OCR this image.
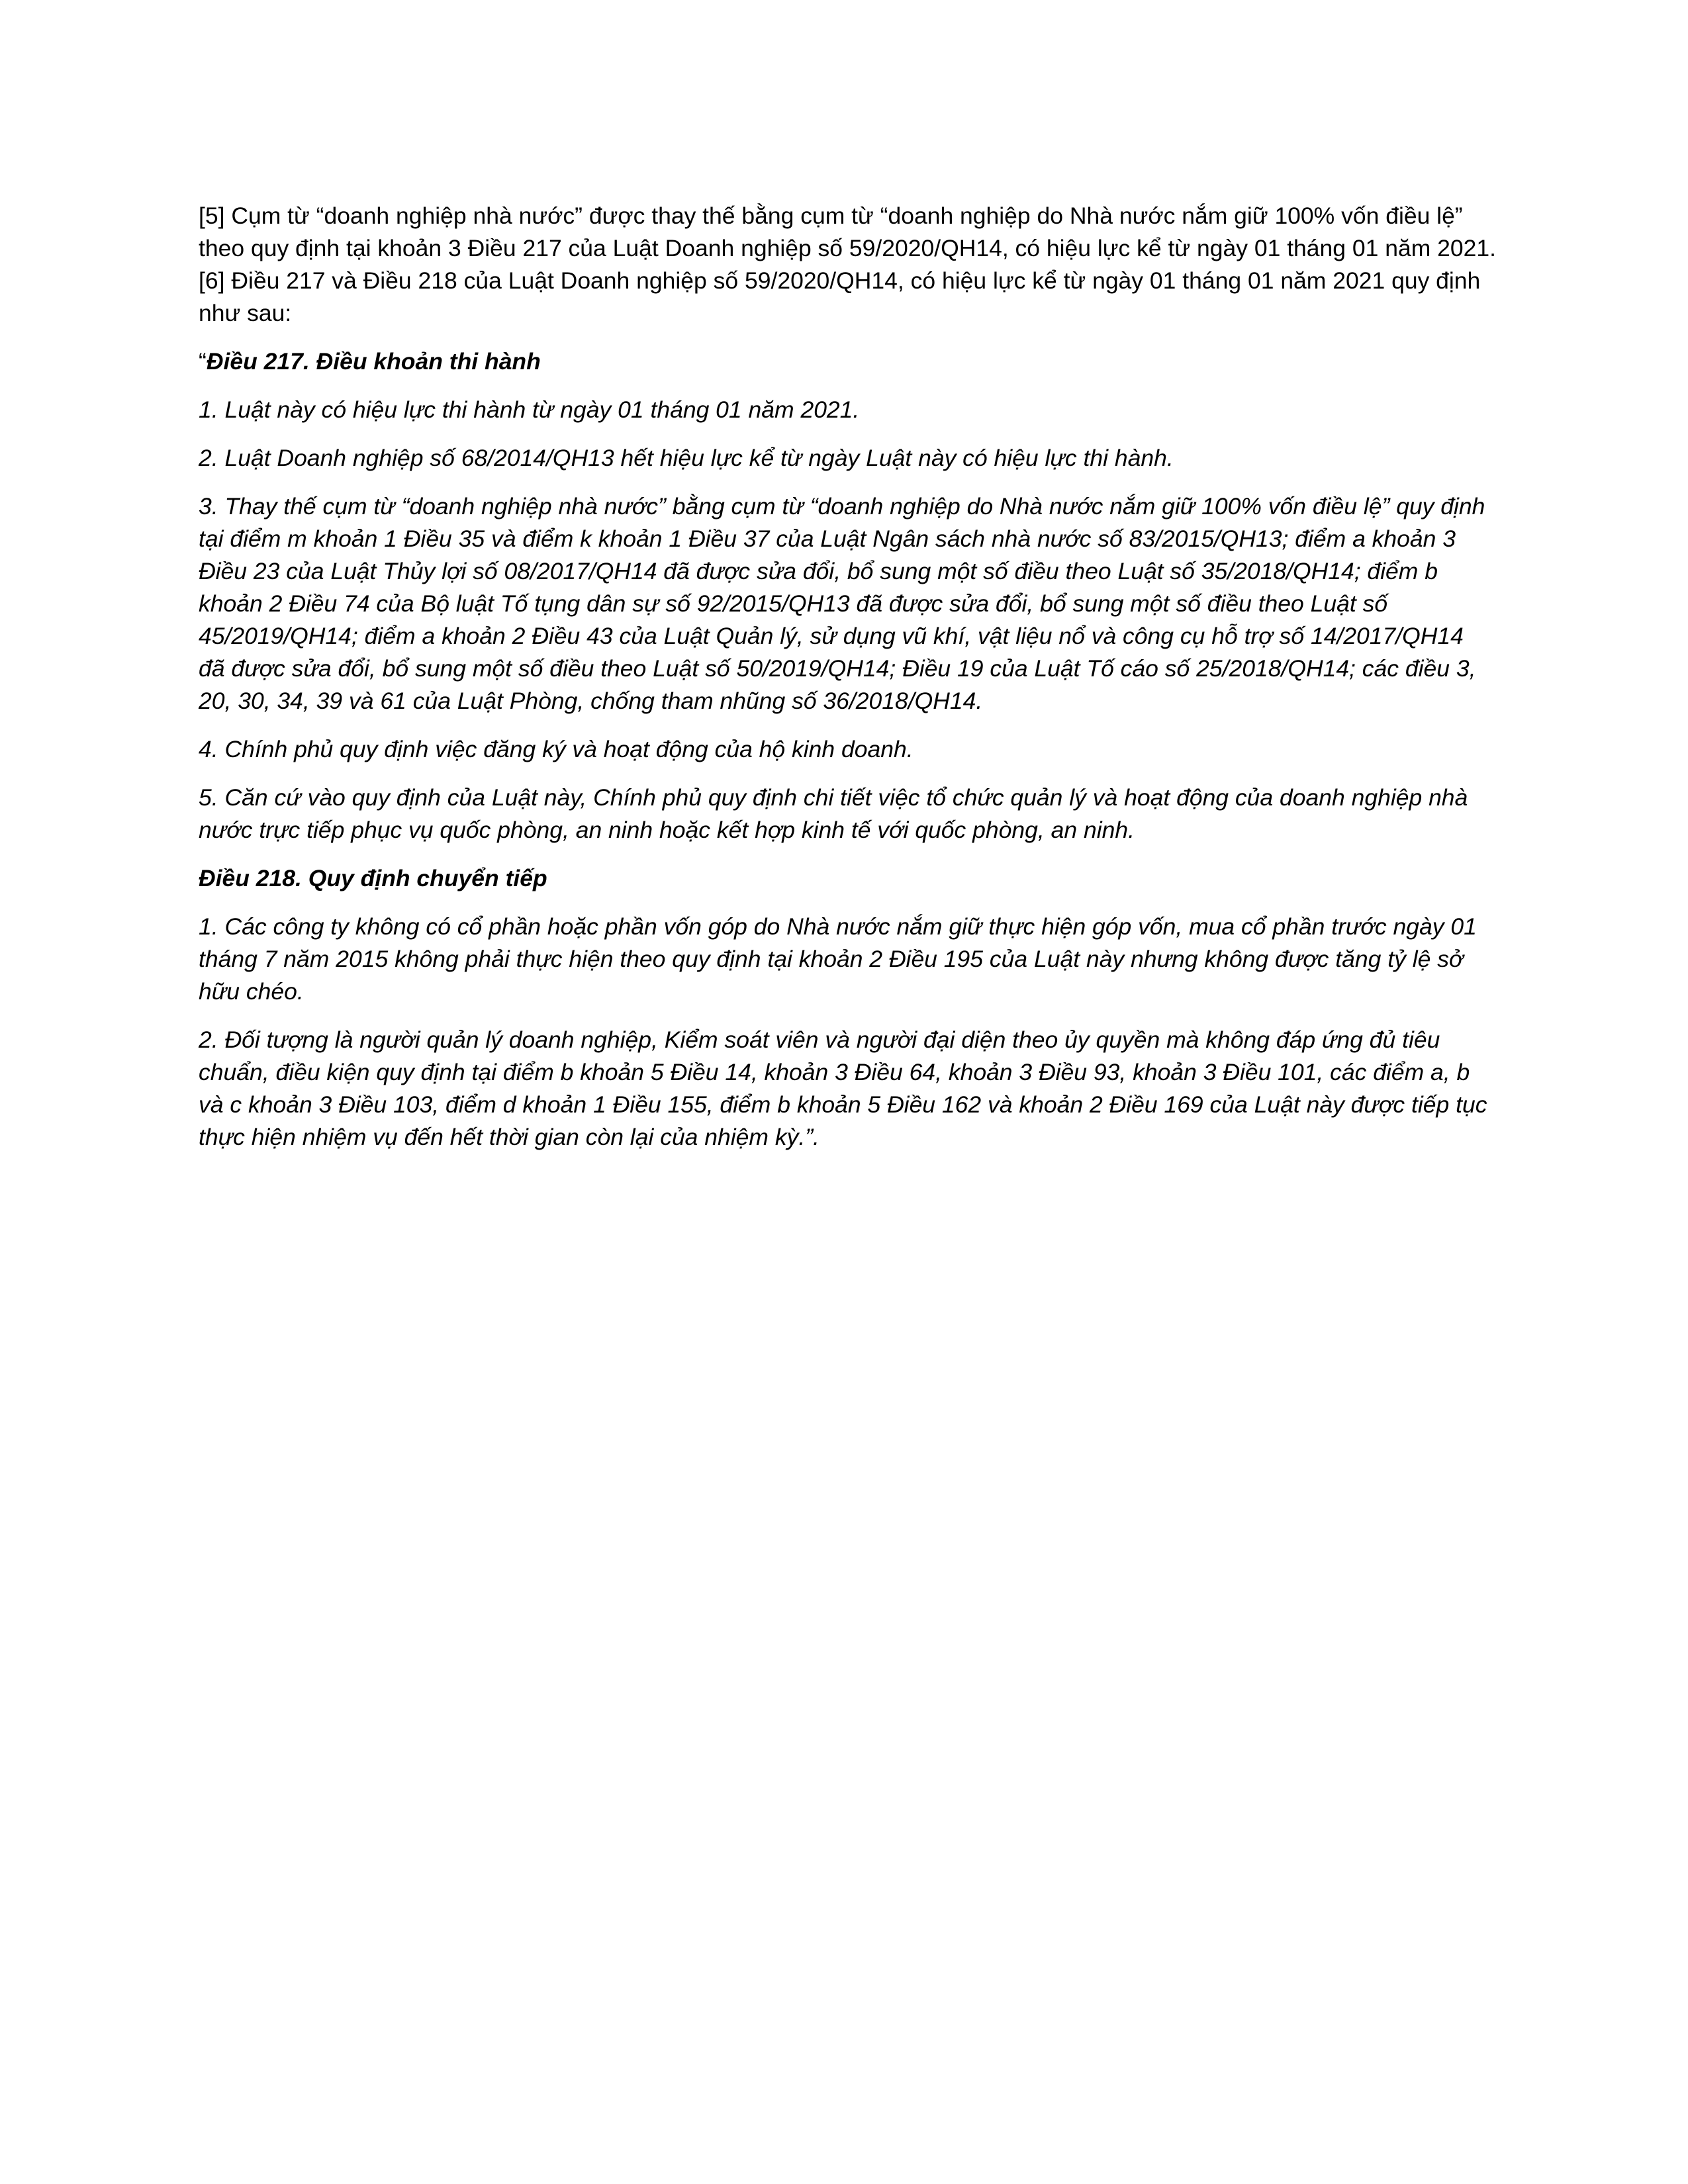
[5] Cụm từ “doanh nghiệp nhà nước” được thay thế bằng cụm từ “doanh nghiệp do Nhà nước nắm giữ 100% vốn điều lệ” theo quy định tại khoản 3 Điều 217 của Luật Doanh nghiệp số 59/2020/QH14, có hiệu lực kể từ ngày 01 tháng 01 năm 2021.

[6] Điều 217 và Điều 218 của Luật Doanh nghiệp số 59/2020/QH14, có hiệu lực kể từ ngày 01 tháng 01 năm 2021 quy định như sau:

“Điều 217. Điều khoản thi hành

1. Luật này có hiệu lực thi hành từ ngày 01 tháng 01 năm 2021.

2. Luật Doanh nghiệp số 68/2014/QH13 hết hiệu lực kể từ ngày Luật này có hiệu lực thi hành.

3. Thay thế cụm từ “doanh nghiệp nhà nước” bằng cụm từ “doanh nghiệp do Nhà nước nắm giữ 100% vốn điều lệ” quy định tại điểm m khoản 1 Điều 35 và điểm k khoản 1 Điều 37 của Luật Ngân sách nhà nước số 83/2015/QH13; điểm a khoản 3 Điều 23 của Luật Thủy lợi số 08/2017/QH14 đã được sửa đổi, bổ sung một số điều theo Luật số 35/2018/QH14; điểm b khoản 2 Điều 74 của Bộ luật Tố tụng dân sự số 92/2015/QH13 đã được sửa đổi, bổ sung một số điều theo Luật số 45/2019/QH14; điểm a khoản 2 Điều 43 của Luật Quản lý, sử dụng vũ khí, vật liệu nổ và công cụ hỗ trợ số 14/2017/QH14 đã được sửa đổi, bổ sung một số điều theo Luật số 50/2019/QH14; Điều 19 của Luật Tố cáo số 25/2018/QH14; các điều 3, 20, 30, 34, 39 và 61 của Luật Phòng, chống tham nhũng số 36/2018/QH14.

4. Chính phủ quy định việc đăng ký và hoạt động của hộ kinh doanh.

5. Căn cứ vào quy định của Luật này, Chính phủ quy định chi tiết việc tổ chức quản lý và hoạt động của doanh nghiệp nhà nước trực tiếp phục vụ quốc phòng, an ninh hoặc kết hợp kinh tế với quốc phòng, an ninh.

Điều 218. Quy định chuyển tiếp

1. Các công ty không có cổ phần hoặc phần vốn góp do Nhà nước nắm giữ thực hiện góp vốn, mua cổ phần trước ngày 01 tháng 7 năm 2015 không phải thực hiện theo quy định tại khoản 2 Điều 195 của Luật này nhưng không được tăng tỷ lệ sở hữu chéo.

2. Đối tượng là người quản lý doanh nghiệp, Kiểm soát viên và người đại diện theo ủy quyền mà không đáp ứng đủ tiêu chuẩn, điều kiện quy định tại điểm b khoản 5 Điều 14, khoản 3 Điều 64, khoản 3 Điều 93, khoản 3 Điều 101, các điểm a, b và c khoản 3 Điều 103, điểm d khoản 1 Điều 155, điểm b khoản 5 Điều 162 và khoản 2 Điều 169 của Luật này được tiếp tục thực hiện nhiệm vụ đến hết thời gian còn lại của nhiệm kỳ.”.
